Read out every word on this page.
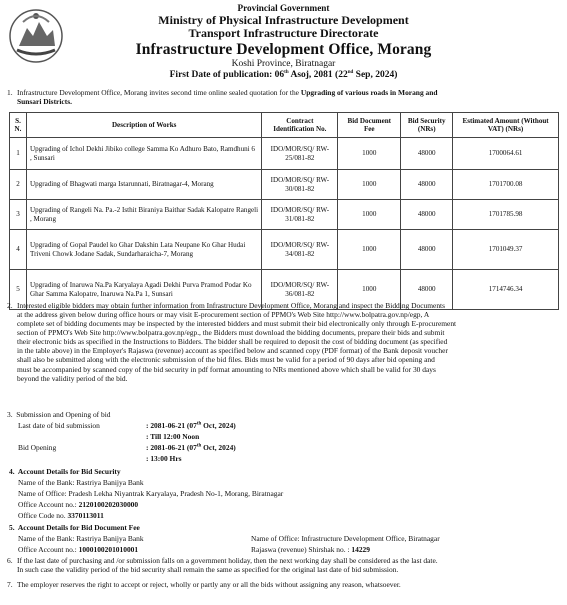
Provincial Government
Ministry of Physical Infrastructure Development
Transport Infrastructure Directorate
Infrastructure Development Office, Morang
Koshi Province, Biratnagar
First Date of publication: 06th Asoj, 2081 (22nd Sep, 2024)
1. Infrastructure Development Office, Morang invites second time online sealed quotation for the Upgrading of various roads in Morang and
Sunsari Districts.
S. N.	Description of Works	Contract Identification No.	Bid Document Fee	Bid Security (NRs)	Estimated Amount (Without VAT) (NRs)
1	Upgrading of Ichol Dekhi Jibiko college Samma Ko Adhuro Bato, Ramdhuni 6 , Sunsari	IDO/MOR/SQ/ RW-25/081-82	1000	48000	1700064.61
2	Upgrading of Bhagwati marga Istarunnati, Biratnagar-4, Morang	IDO/MOR/SQ/ RW-30/081-82	1000	48000	1701700.08
3	Upgrading of Rangeli Na. Pa.-2 Isthit Biraniya Baithar Sadak Kalopatre Rangeli , Morang	IDO/MOR/SQ/ RW-31/081-82	1000	48000	1701785.98
4	Upgrading of Gopal Paudel ko Ghar Dakshin Lata Neupane Ko Ghar Hudai Triveni Chowk Jodane Sadak, Sundarharaicha-7, Morang	IDO/MOR/SQ/ RW-34/081-82	1000	48000	1701049.37
5	Upgrading of Inaruwa Na.Pa Karyalaya Agadi Dekhi Purva Pramod Podar Ko Ghar Samma Kalopatre, Inaruwa Na.Pa 1, Sunsari	IDO/MOR/SQ/ RW-36/081-82	1000	48000	1714746.34
2. Interested eligible bidders may obtain further information from Infrastructure Development Office, Morang and inspect the Bidding Documents
at the address given below during office hours or may visit E-procurement section of PPMO's Web Site http://www.bolpatra.gov.np/egp, A
complete set of bidding documents may be inspected by the interested bidders and must submit their bid electronically only through E-procurement
section of PPMO's Web Site http://www.bolpatra.gov.np/egp., the Bidders must download the bidding documents, prepare their bids and submit
their electronic bids as specified in the Instructions to Bidders. The bidder shall be required to deposit the cost of bidding document (as specified
in the table above) in the Employer's Rajaswa (revenue) account as specified below and scanned copy (PDF format) of the Bank deposit voucher
shall also be submitted along with the electronic submission of the bid files. Bids must be valid for a period of 90 days after bid opening and
must be accompanied by scanned copy of the bid security in pdf format amounting to NRs mentioned above which shall be valid for 30 days
beyond the validity period of the bid.
3. Submission and Opening of bid
Last date of bid submission	: 2081-06-21 (07th Oct, 2024)
: Till 12:00 Noon
Bid Opening	: 2081-06-21 (07th Oct, 2024)
: 13:00 Hrs
4. Account Details for Bid Security
Name of the Bank: Rastriya Banijya Bank
Name of Office: Pradesh Lekha Niyantrak Karyalaya, Pradesh No-1, Morang, Biratnagar
Office Account no.: 2120100202030000
Office Code no. 3370113011
5. Account Details for Bid Document Fee
Name of the Bank: Rastriya Banijya Bank	Name of Office: Infrastructure Development Office, Biratnagar
Office Account no.: 1000100201010001	Rajaswa (revenue) Shirshak no. : 14229
6. If the last date of purchasing and /or submission falls on a government holiday, then the next working day shall be considered as the last date.
In such case the validity period of the bid security shall remain the same as specified for the original last date of bid submission.
7. The employer reserves the right to accept or reject, wholly or partly any or all the bids without assigning any reason, whatsoever.
